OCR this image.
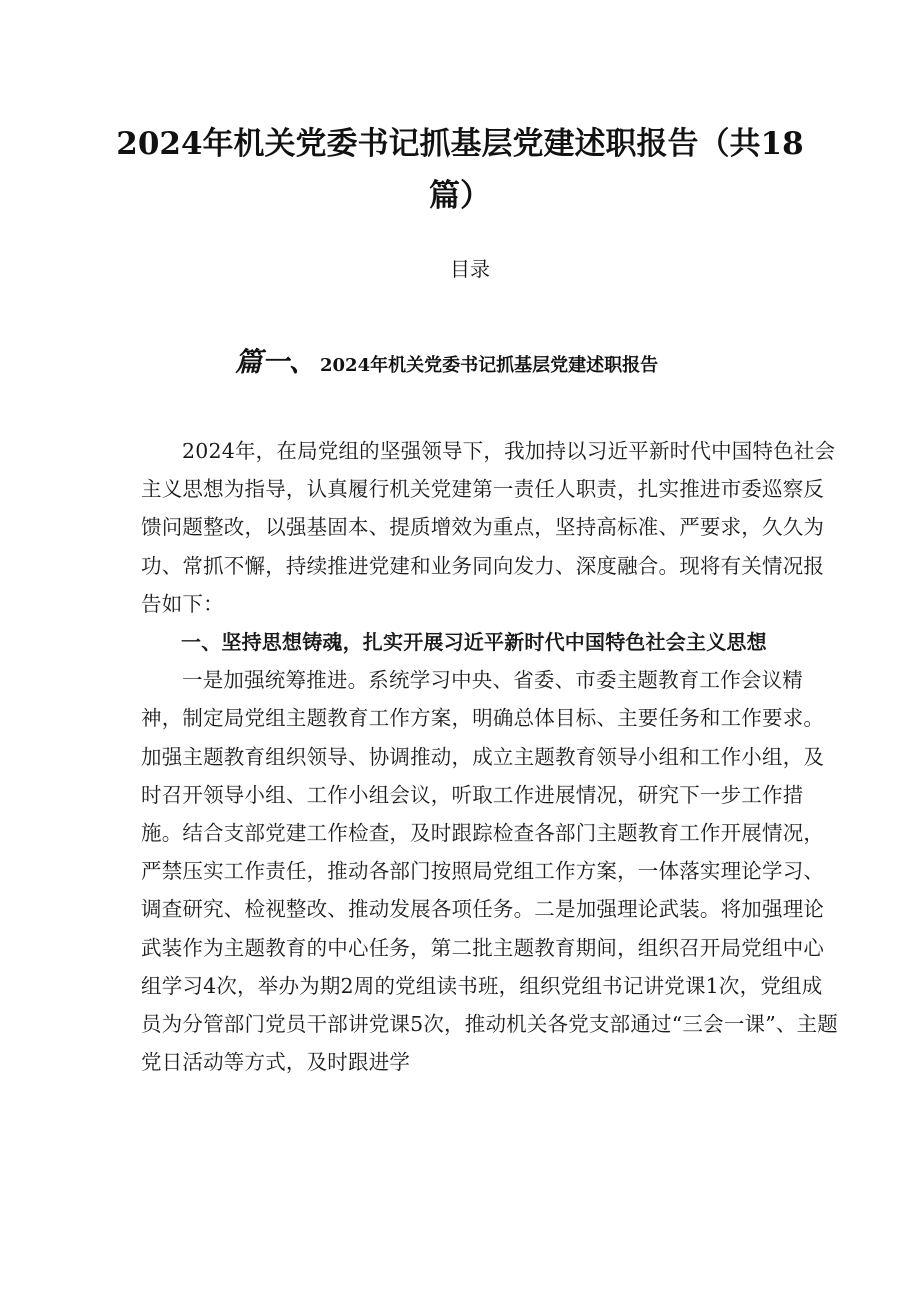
2024年机关党委书记抓基层党建述职报告（共18篇）
目录
篇一、 2024年机关党委书记抓基层党建述职报告

2024年，在局党组的坚强领导下，我加持以习近平新时代中国特色社会主义思想为指导，认真履行机关党建第一责任人职责，扎实推进市委巡察反馈问题整改，以强基固本、提质增效为重点，坚持高标准、严要求，久久为功、常抓不懈，持续推进党建和业务同向发力、深度融合。现将有关情况报告如下：

一、坚持思想铸魂，扎实开展习近平新时代中国特色社会主义思想

一是加强统筹推进。系统学习中央、省委、市委主题教育工作会议精神，制定局党组主题教育工作方案，明确总体目标、主要任务和工作要求。加强主题教育组织领导、协调推动，成立主题教育领导小组和工作小组，及时召开领导小组、工作小组会议，听取工作进展情况，研究下一步工作措施。结合支部党建工作检查，及时跟踪检查各部门主题教育工作开展情况，严禁压实工作责任，推动各部门按照局党组工作方案，一体落实理论学习、调查研究、检视整改、推动发展各项任务。二是加强理论武装。将加强理论武装作为主题教育的中心任务，第二批主题教育期间，组织召开局党组中心组学习4次，举办为期2周的党组读书班，组织党组书记讲党课1次，党组成员为分管部门党员干部讲党课5次，推动机关各党支部通过“三会一课”、主题党日活动等方式，及时跟进学
